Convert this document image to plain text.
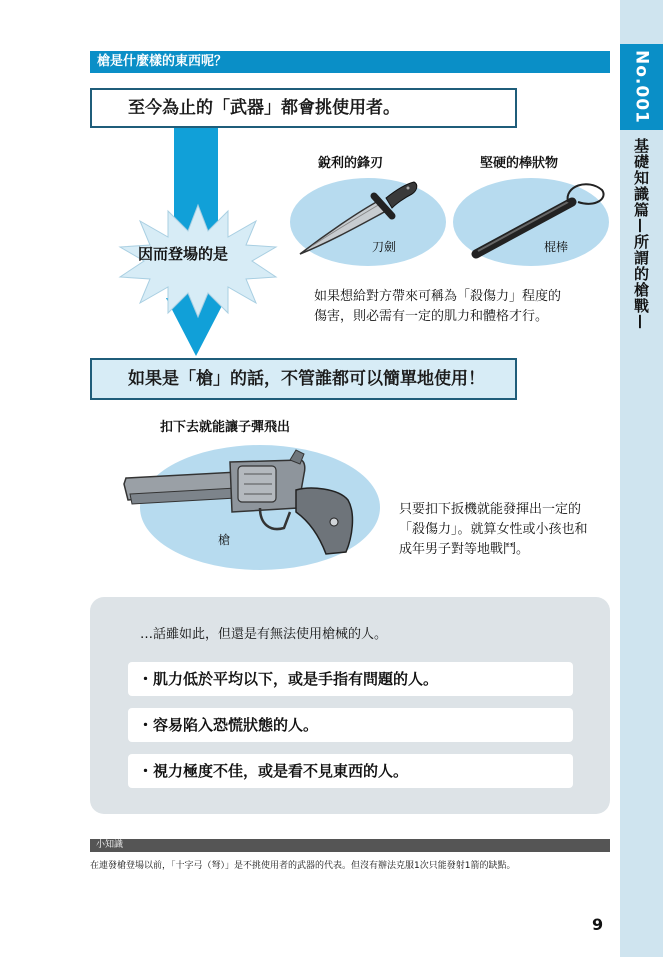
No.001
基礎知識篇—所謂的槍戰—
槍是什麼樣的東西呢？
至今為止的「武器」都會挑使用者。
因而登場的是
銳利的鋒刃	堅硬的棒狀物
刀劍	棍棒
如果想給對方帶來可稱為「殺傷力」程度的
傷害，則必需有一定的肌力和體格才行。
如果是「槍」的話，不管誰都可以簡單地使用！
扣下去就能讓子彈飛出
槍
只要扣下扳機就能發揮出一定的
「殺傷力」。就算女性或小孩也和
成年男子對等地戰鬥。
…話雖如此，但還是有無法使用槍械的人。
・肌力低於平均以下，或是手指有問題的人。
・容易陷入恐慌狀態的人。
・視力極度不佳，或是看不見東西的人。
小知識
在連發槍登場以前，「十字弓（弩）」是不挑使用者的武器的代表。但沒有辦法克服1次只能發射1箭的缺點。
9
